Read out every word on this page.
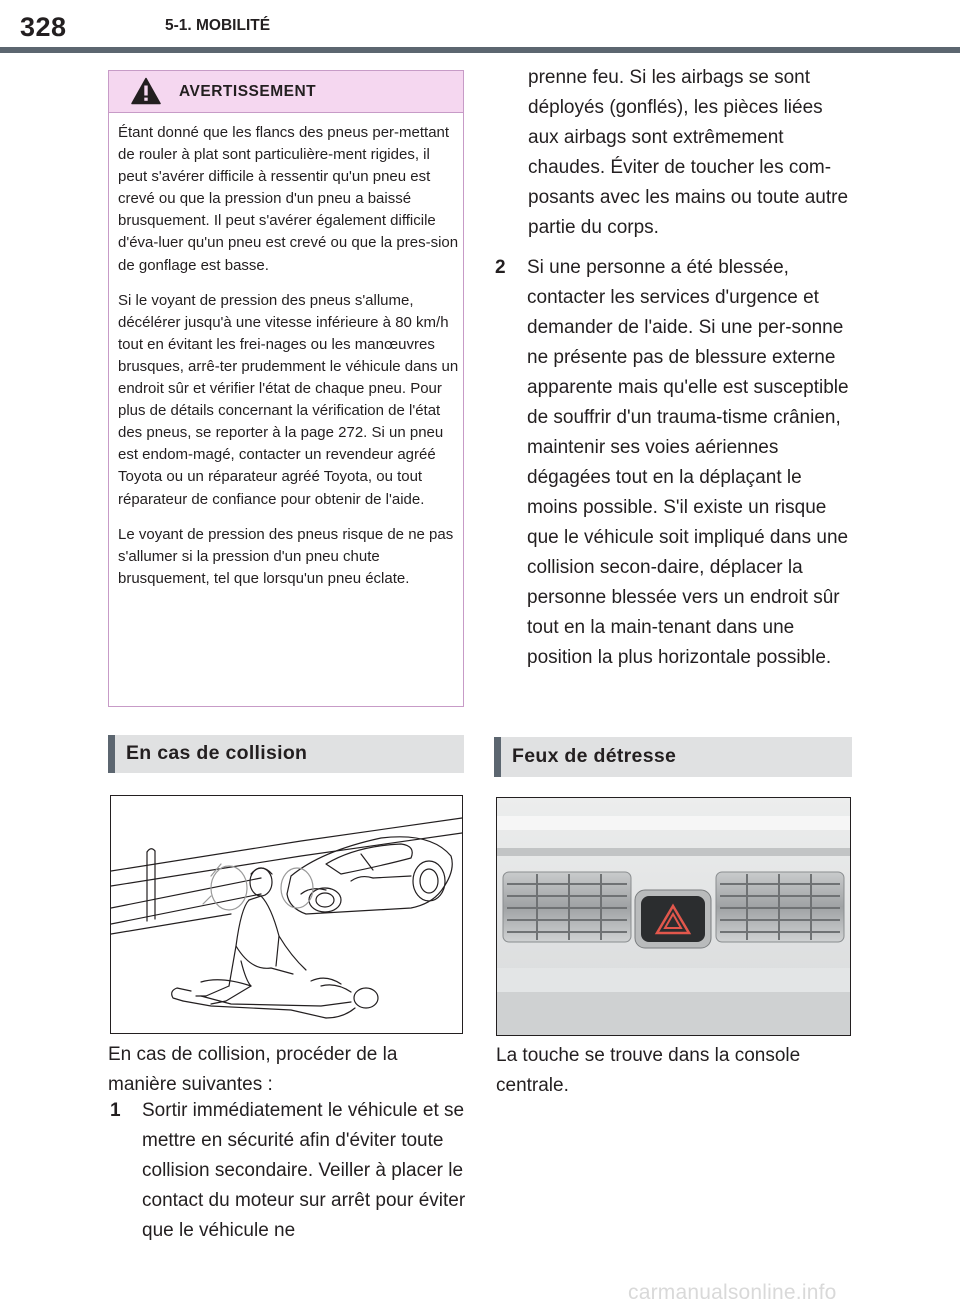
328	5-1. MOBILITÉ
AVERTISSEMENT

Étant donné que les flancs des pneus per-mettant de rouler à plat sont particulière-ment rigides, il peut s'avérer difficile à ressentir qu'un pneu est crevé ou que la pression d'un pneu a baissé brusquement. Il peut s'avérer également difficile d'éva-luer qu'un pneu est crevé ou que la pres-sion de gonflage est basse.

Si le voyant de pression des pneus s'allume, décélérer jusqu'à une vitesse inférieure à 80 km/h tout en évitant les frei-nages ou les manœuvres brusques, arrê-ter prudemment le véhicule dans un endroit sûr et vérifier l'état de chaque pneu. Pour plus de détails concernant la vérification de l'état des pneus, se reporter à la page 272. Si un pneu est endom-magé, contacter un revendeur agréé Toyota ou un réparateur agréé Toyota, ou tout réparateur de confiance pour obtenir de l'aide.

Le voyant de pression des pneus risque de ne pas s'allumer si la pression d'un pneu chute brusquement, tel que lorsqu'un pneu éclate.

En cas de collision
En cas de collision, procéder de la manière suivantes :
1 Sortir immédiatement le véhicule et se mettre en sécurité afin d'éviter toute collision secondaire. Veiller à placer le contact du moteur sur arrêt pour éviter que le véhicule ne
prenne feu. Si les airbags se sont déployés (gonflés), les pièces liées aux airbags sont extrêmement chaudes. Éviter de toucher les com-posants avec les mains ou toute autre partie du corps.
2 Si une personne a été blessée, contacter les services d'urgence et demander de l'aide. Si une per-sonne ne présente pas de blessure externe apparente mais qu'elle est susceptible de souffrir d'un trauma-tisme crânien, maintenir ses voies aériennes dégagées tout en la déplaçant le moins possible. S'il existe un risque que le véhicule soit impliqué dans une collision secon-daire, déplacer la personne blessée vers un endroit sûr tout en la main-tenant dans une position la plus horizontale possible.
Feux de détresse
La touche se trouve dans la console centrale.
carmanualsonline.info
